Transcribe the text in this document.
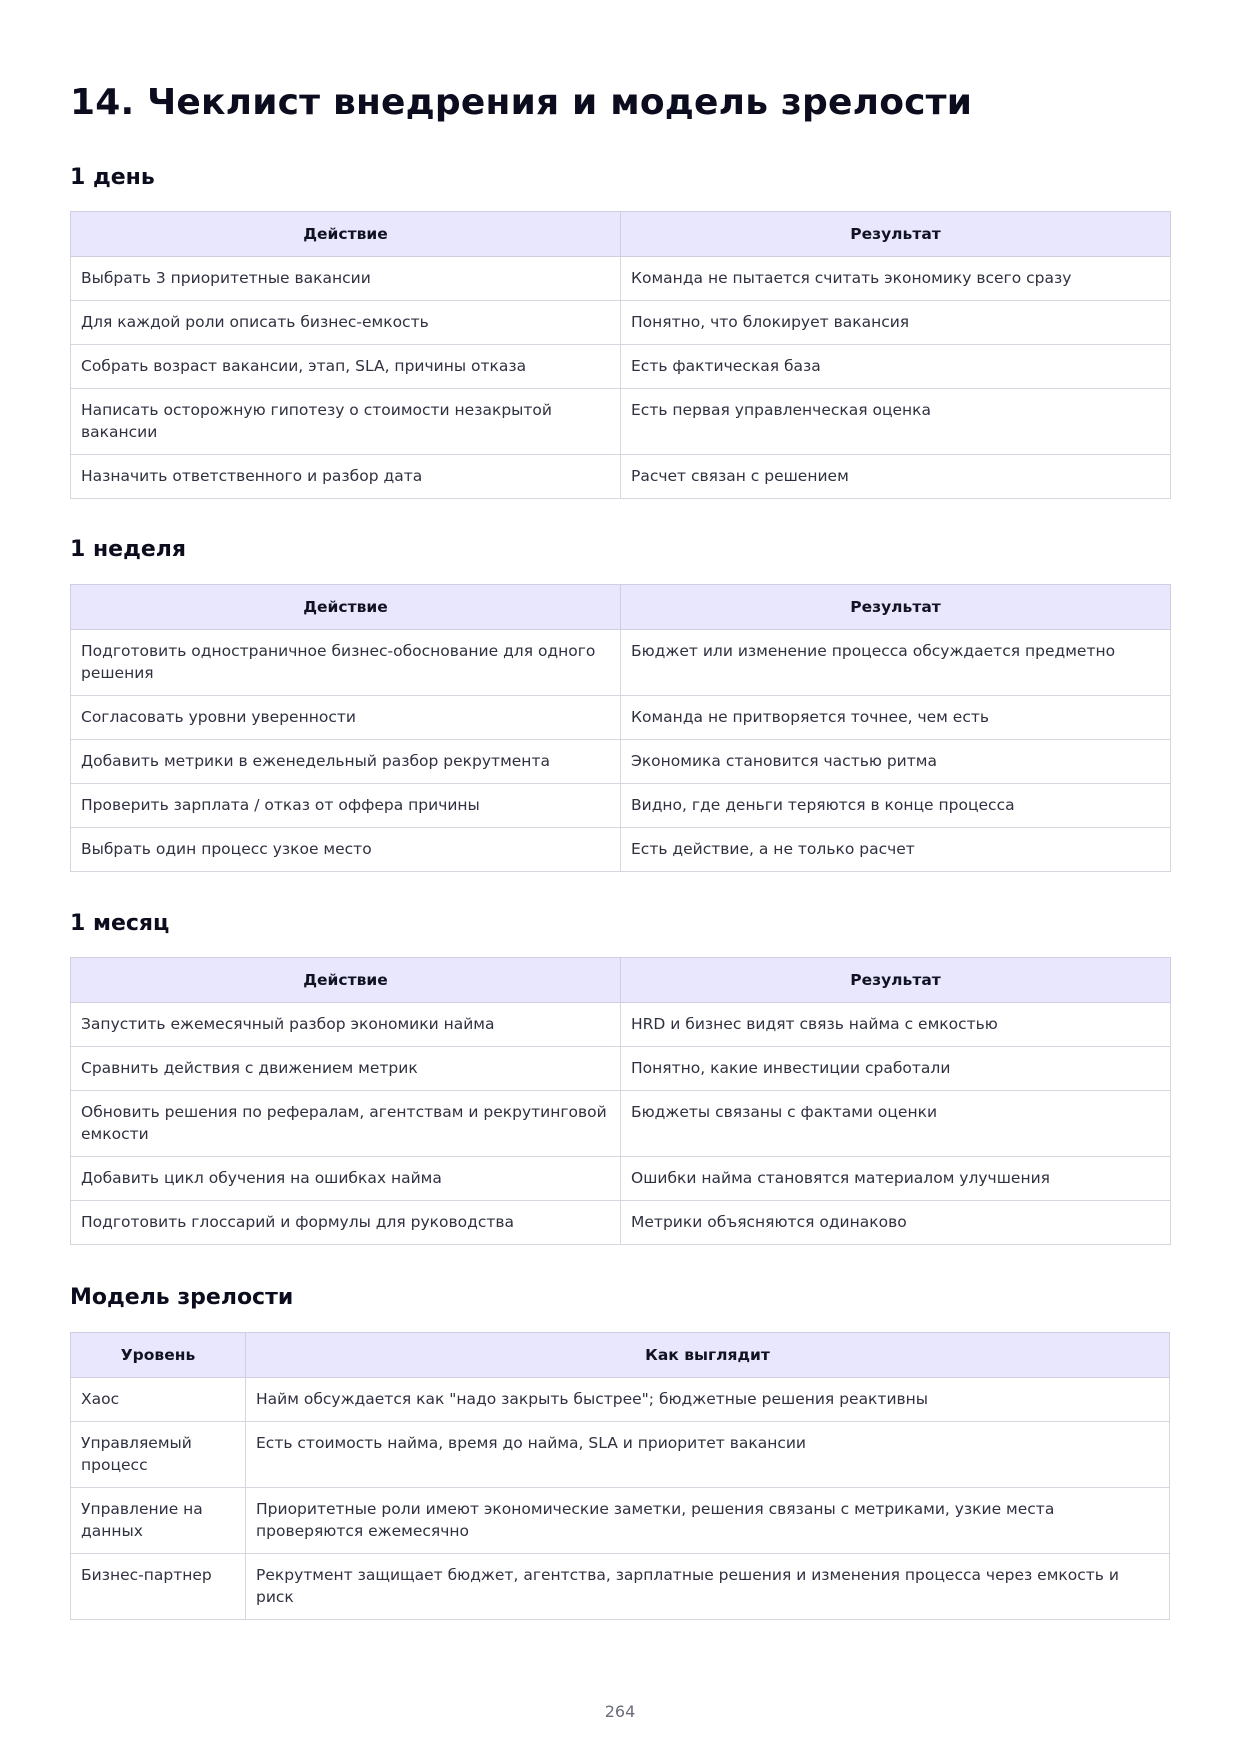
14. Чеклист внедрения и модель зрелости
1 день
Действие	Результат
Выбрать 3 приоритетные вакансии	Команда не пытается считать экономику всего сразу
Для каждой роли описать бизнес-емкость	Понятно, что блокирует вакансия
Собрать возраст вакансии, этап, SLA, причины отказа	Есть фактическая база
Написать осторожную гипотезу о стоимости незакрытой вакансии	Есть первая управленческая оценка
Назначить ответственного и разбор дата	Расчет связан с решением
1 неделя
Действие	Результат
Подготовить одностраничное бизнес-обоснование для одного решения	Бюджет или изменение процесса обсуждается предметно
Согласовать уровни уверенности	Команда не притворяется точнее, чем есть
Добавить метрики в еженедельный разбор рекрутмента	Экономика становится частью ритма
Проверить зарплата / отказ от оффера причины	Видно, где деньги теряются в конце процесса
Выбрать один процесс узкое место	Есть действие, а не только расчет
1 месяц
Действие	Результат
Запустить ежемесячный разбор экономики найма	HRD и бизнес видят связь найма с емкостью
Сравнить действия с движением метрик	Понятно, какие инвестиции сработали
Обновить решения по рефералам, агентствам и рекрутинговой емкости	Бюджеты связаны с фактами оценки
Добавить цикл обучения на ошибках найма	Ошибки найма становятся материалом улучшения
Подготовить глоссарий и формулы для руководства	Метрики объясняются одинаково
Модель зрелости
Уровень	Как выглядит
Хаос	Найм обсуждается как "надо закрыть быстрее"; бюджетные решения реактивны
Управляемый процесс	Есть стоимость найма, время до найма, SLA и приоритет вакансии
Управление на данных	Приоритетные роли имеют экономические заметки, решения связаны с метриками, узкие места проверяются ежемесячно
Бизнес-партнер	Рекрутмент защищает бюджет, агентства, зарплатные решения и изменения процесса через емкость и риск
264
